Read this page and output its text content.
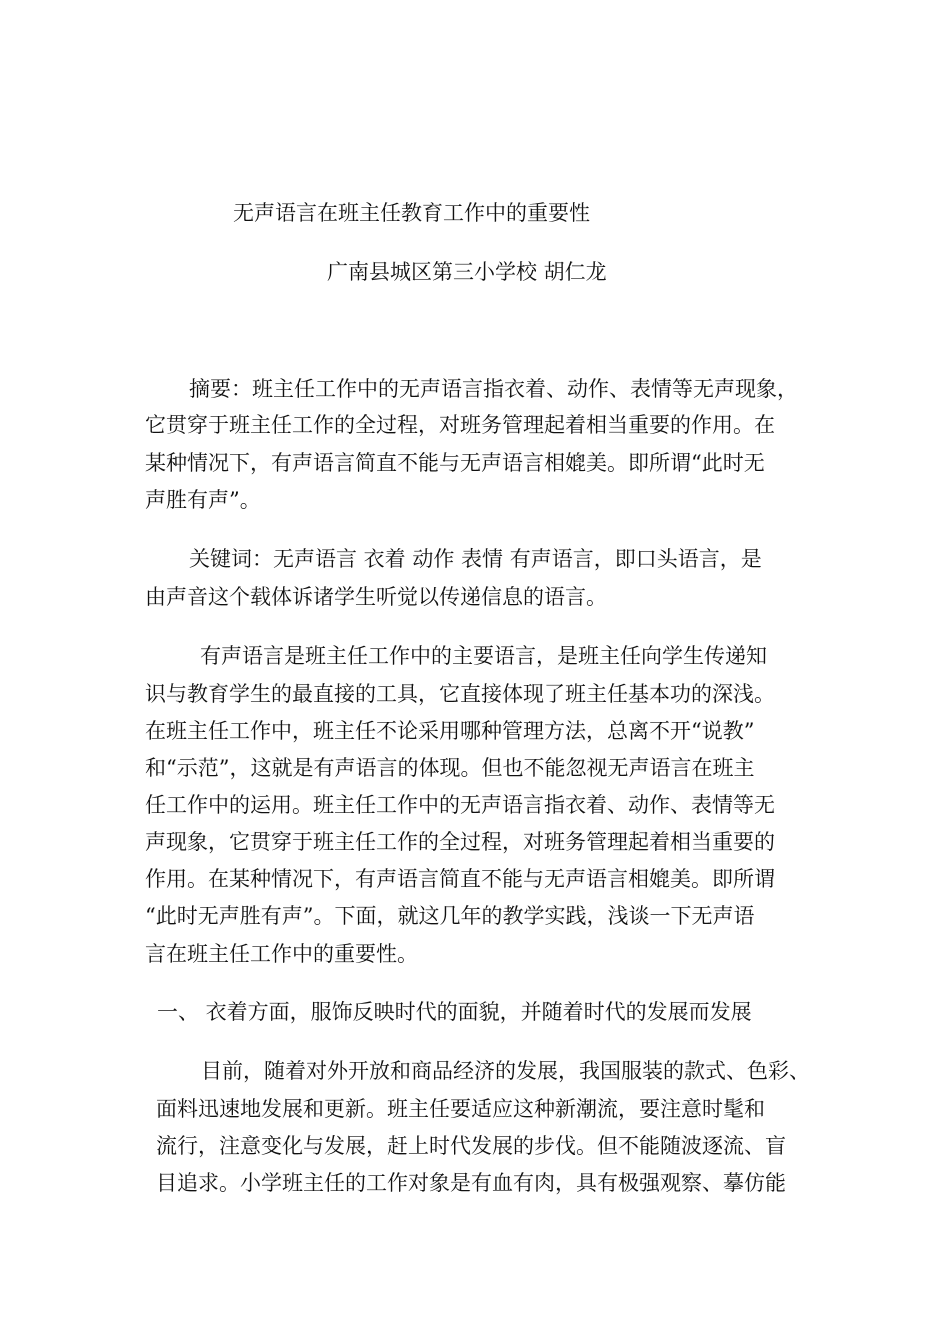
无声语言在班主任教育工作中的重要性
广南县城区第三小学校 胡仁龙
摘要：班主任工作中的无声语言指衣着、动作、表情等无声现象，
它贯穿于班主任工作的全过程，对班务管理起着相当重要的作用。在
某种情况下，有声语言简直不能与无声语言相媲美。即所谓“此时无
声胜有声”。
关键词：无声语言 衣着 动作 表情 有声语言，即口头语言，是
由声音这个载体诉诸学生听觉以传递信息的语言。
有声语言是班主任工作中的主要语言，是班主任向学生传递知
识与教育学生的最直接的工具，它直接体现了班主任基本功的深浅。
在班主任工作中，班主任不论采用哪种管理方法，总离不开“说教”
和“示范”，这就是有声语言的体现。但也不能忽视无声语言在班主
任工作中的运用。班主任工作中的无声语言指衣着、动作、表情等无
声现象，它贯穿于班主任工作的全过程，对班务管理起着相当重要的
作用。在某种情况下，有声语言简直不能与无声语言相媲美。即所谓
“此时无声胜有声”。下面，就这几年的教学实践，浅谈一下无声语
言在班主任工作中的重要性。
一、 衣着方面，服饰反映时代的面貌，并随着时代的发展而发展
目前，随着对外开放和商品经济的发展，我国服装的款式、色彩、
面料迅速地发展和更新。班主任要适应这种新潮流，要注意时髦和
流行，注意变化与发展，赶上时代发展的步伐。但不能随波逐流、盲
目追求。小学班主任的工作对象是有血有肉，具有极强观察、摹仿能
